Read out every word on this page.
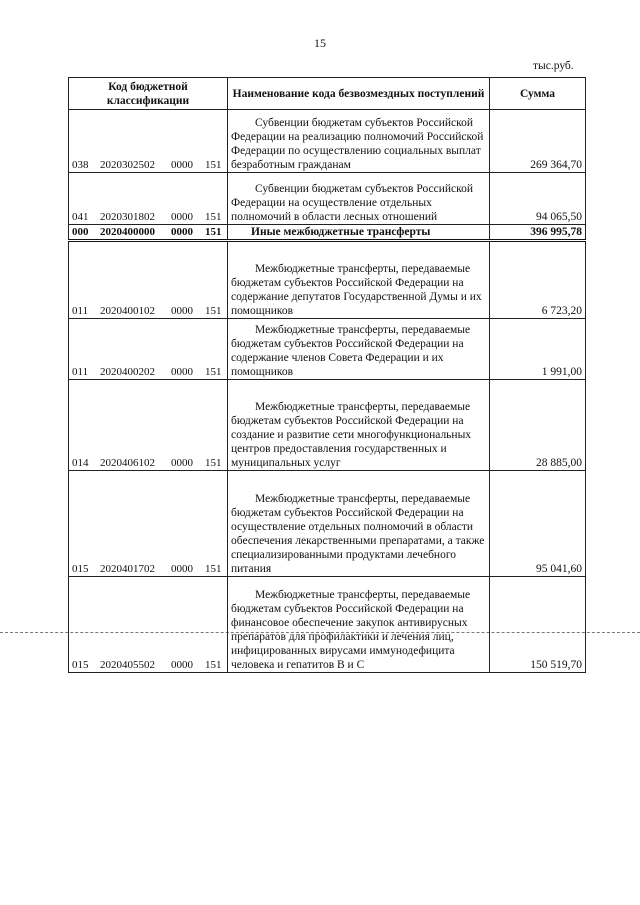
15
тыс.руб.
Код бюджетной классификации	Наименование кода безвозмездных поступлений	Сумма
038 2020302502 0000 151	Субвенции бюджетам субъектов Российской Федерации на реализацию полномочий Российской Федерации по осуществлению социальных выплат безработным гражданам	269 364,70
041 2020301802 0000 151	Субвенции бюджетам субъектов Российской Федерации на осуществление отдельных полномочий в области лесных отношений	94 065,50
000 2020400000 0000 151	Иные межбюджетные трансферты	396 995,78
011 2020400102 0000 151	Межбюджетные трансферты, передаваемые бюджетам субъектов Российской Федерации на содержание депутатов Государственной Думы и их помощников	6 723,20
011 2020400202 0000 151	Межбюджетные трансферты, передаваемые бюджетам субъектов Российской Федерации на содержание членов Совета Федерации и их помощников	1 991,00
014 2020406102 0000 151	Межбюджетные трансферты, передаваемые бюджетам субъектов Российской Федерации на создание и развитие сети многофункциональных центров предоставления государственных и муниципальных услуг	28 885,00
015 2020401702 0000 151	Межбюджетные трансферты, передаваемые бюджетам субъектов Российской Федерации на осуществление отдельных полномочий в области обеспечения лекарственными препаратами, а также специализированными продуктами лечебного питания	95 041,60
015 2020405502 0000 151	Межбюджетные трансферты, передаваемые бюджетам субъектов Российской Федерации на финансовое обеспечение закупок антивирусных препаратов для профилактики и лечения лиц, инфицированных вирусами иммунодефицита человека и гепатитов В и С	150 519,70
